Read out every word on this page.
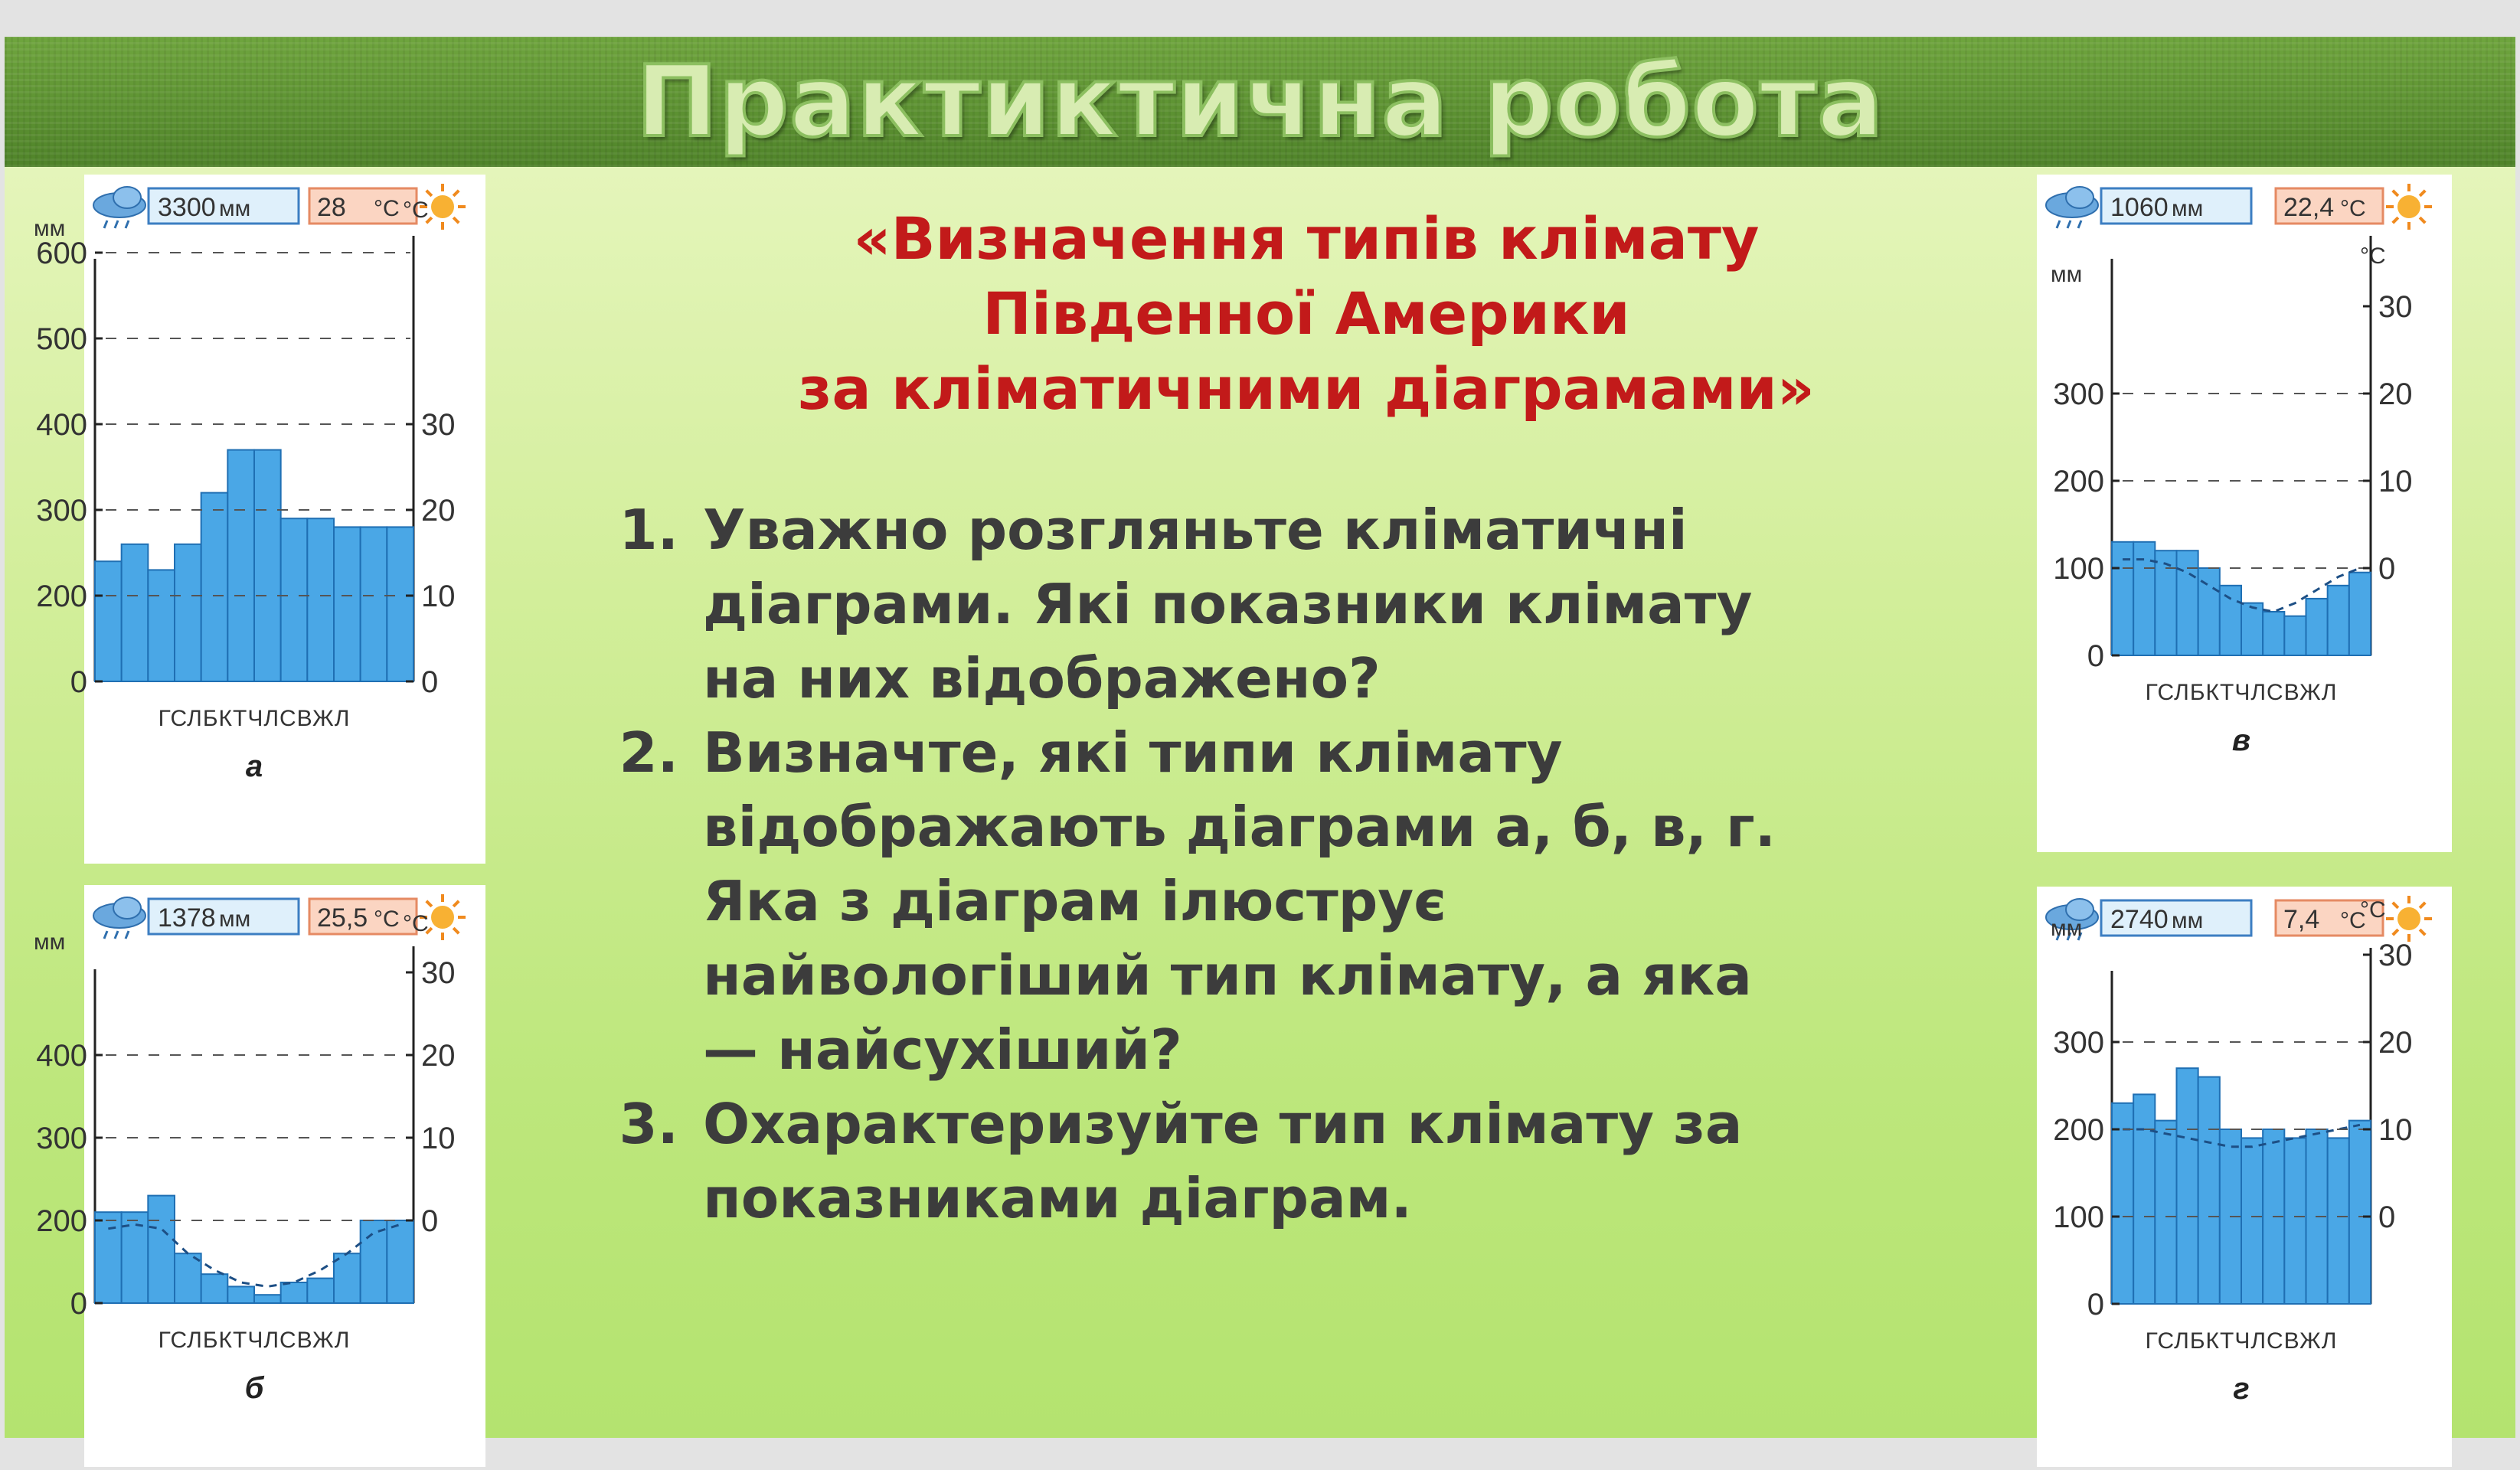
Практиктична робота
«Визначення типів клімату
Південної Америки
за кліматичними діаграмами»
1. Уважно розгляньте кліматичні
діаграми. Які показники клімату
на них відображено?
2. Визначте, які типи клімату
відображають діаграми а, б, в, г.
Яка з діаграм ілюструє
найвологіший тип клімату, а яка
— найсухіший?
3. Охарактеризуйте тип клімату за
показниками діаграм.
3300 мм	28 °C
мм
°C
0
200
300
400
500
600
0
10
20
30
ГСЛБКТЧЛСВЖЛ
а
1378 мм	25,5 °C
мм
°C
0
200
300
400
0
10
20
30
ГСЛБКТЧЛСВЖЛ
б
1060 мм	22,4 °C
мм
°C
0
100
200
300
0
10
20
30
ГСЛБКТЧЛСВЖЛ
в
2740 мм	7,4 °C
мм
°C
0
100
200
300
0
10
20
30
ГСЛБКТЧЛСВЖЛ
г
